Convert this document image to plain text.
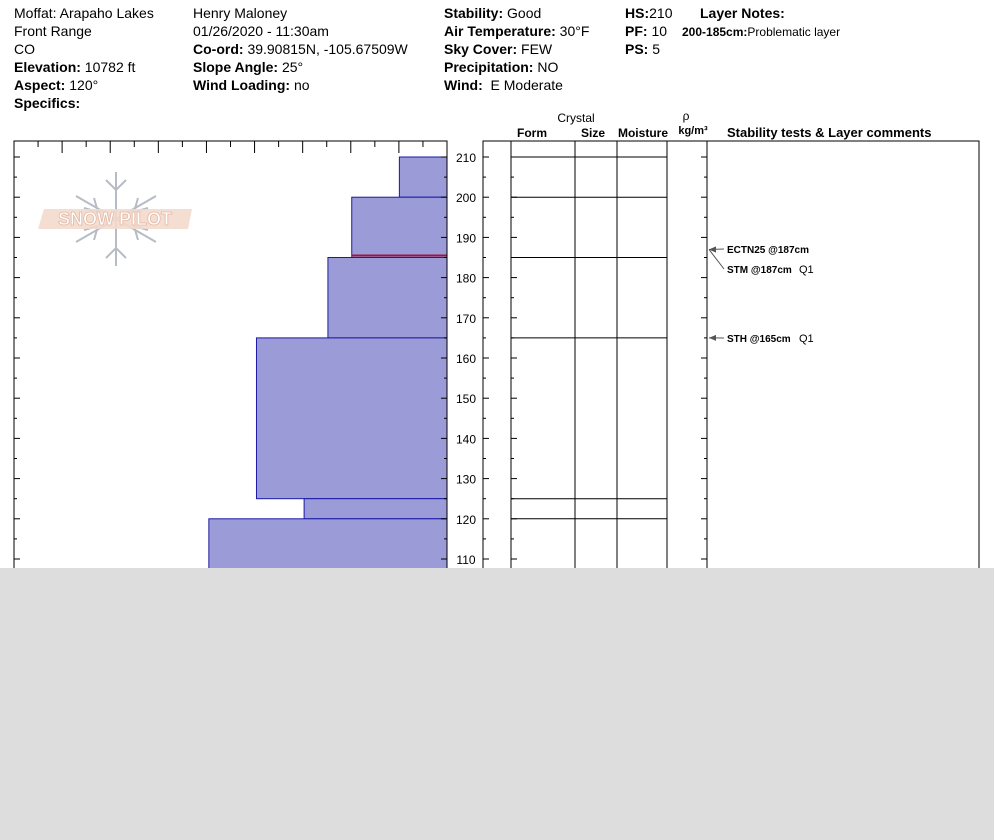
Moffat: Arapaho Lakes
Front Range
CO
Elevation: 10782 ft
Aspect: 120°
Specifics:
Henry Maloney
01/26/2020 - 11:30am
Co-ord: 39.90815N, -105.67509W
Slope Angle: 25°
Wind Loading: no
Stability: Good
Air Temperature: 30°F
Sky Cover: FEW
Precipitation: NO
Wind: E Moderate
HS:210
PF: 10
PS: 5
Layer Notes:
200-185cm:Problematic layer
110
120
130
140
150
160
170
180
190
200
210
ECTN25 @187cm
STM @187cm Q1
STH @165cm Q1
Crystal
Form	Size Moisture
ρ
kg/m³ Stability tests & Layer comments
SNOW PILOT
